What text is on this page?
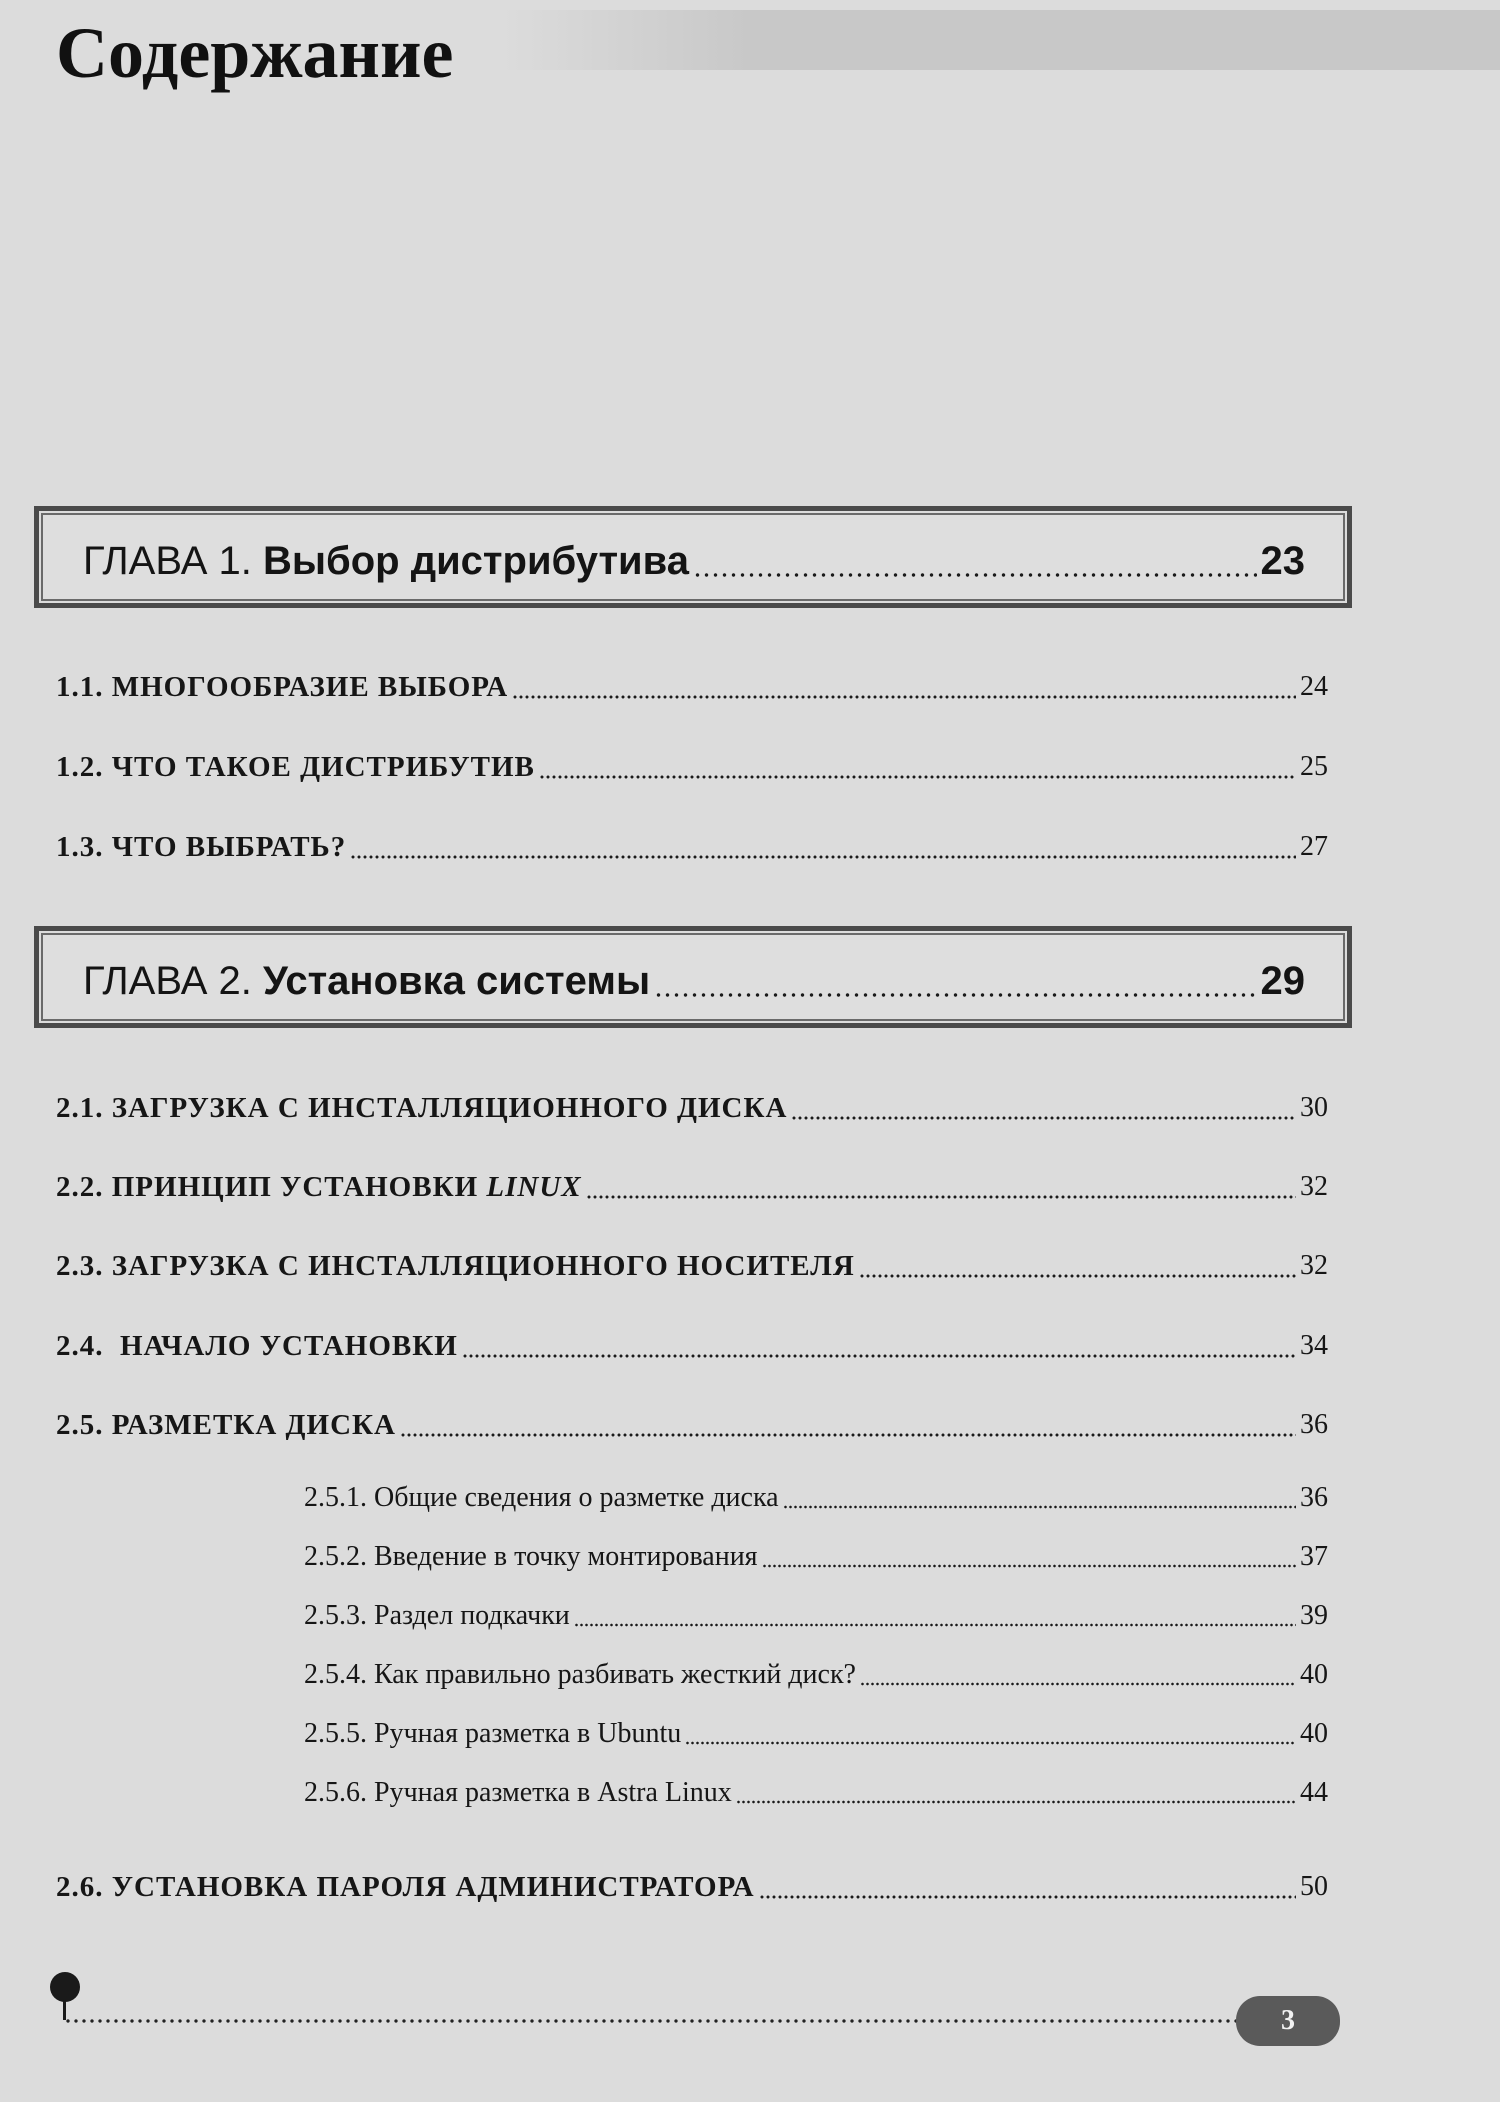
Содержание
ГЛАВА 1. Выбор дистрибутива	23
1.1. МНОГООБРАЗИЕ ВЫБОРА	24
1.2. ЧТО ТАКОЕ ДИСТРИБУТИВ	25
1.3. ЧТО ВЫБРАТЬ?	27
ГЛАВА 2. Установка системы	29
2.1. ЗАГРУЗКА С ИНСТАЛЛЯЦИОННОГО ДИСКА	30
2.2. ПРИНЦИП УСТАНОВКИ LINUX	32
2.3. ЗАГРУЗКА С ИНСТАЛЛЯЦИОННОГО НОСИТЕЛЯ	32
2.4. НАЧАЛО УСТАНОВКИ	34
2.5. РАЗМЕТКА ДИСКА	36
2.5.1. Общие сведения о разметке диска	36
2.5.2. Введение в точку монтирования	37
2.5.3. Раздел подкачки	39
2.5.4. Как правильно разбивать жесткий диск?	40
2.5.5. Ручная разметка в Ubuntu	40
2.5.6. Ручная разметка в Astra Linux	44
2.6. УСТАНОВКА ПАРОЛЯ АДМИНИСТРАТОРА	50
3
